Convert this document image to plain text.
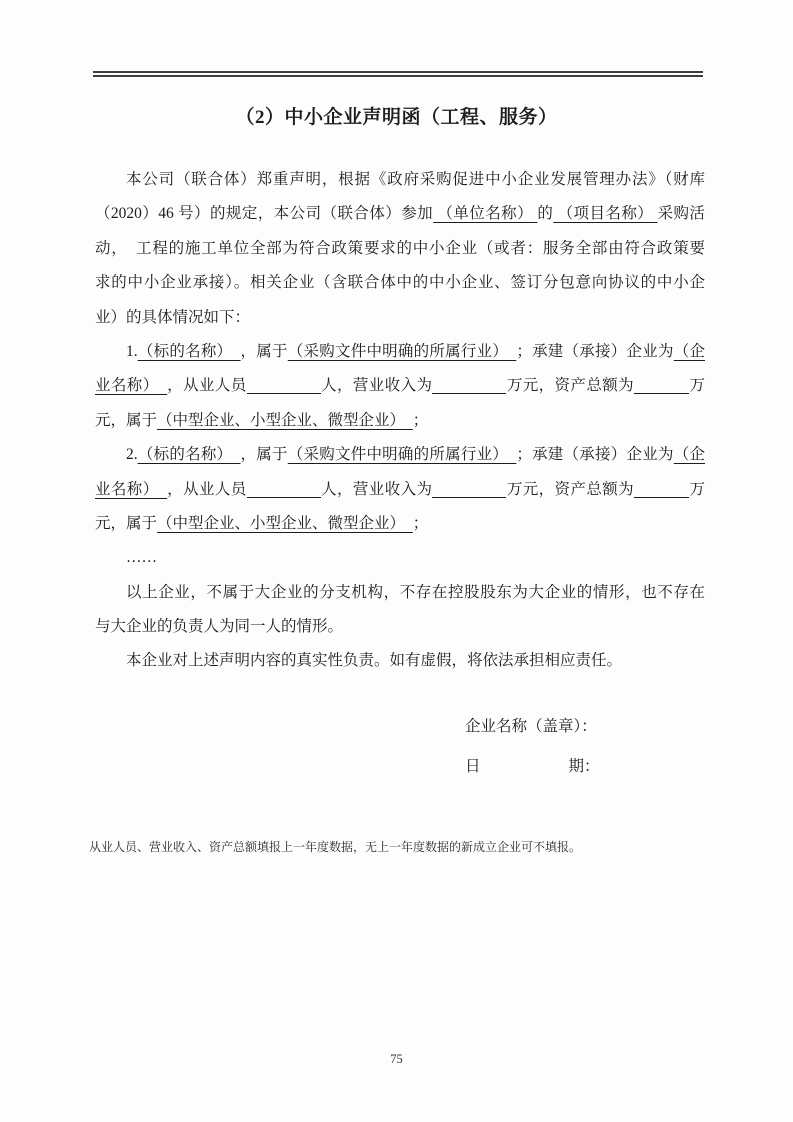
（2）中小企业声明函（工程、服务）
本公司（联合体）郑重声明，根据《政府采购促进中小企业发展管理办法》（财库
（2020）46 号）的规定，本公司（联合体）参加 （单位名称） 的 （项目名称） 采购活
动，　工程的施工单位全部为符合政策要求的中小企业（或者：服务全部由符合政策要
求的中小企业承接）。相关企业（含联合体中的中小企业、签订分包意向协议的中小企
业）的具体情况如下：
1.（标的名称）  ，属于（采购文件中明确的所属行业）  ；承建（承接）企业为（企
业名称）  ，从业人员	人，营业收入为	万元，资产总额为	万
元，属于（中型企业、小型企业、微型企业）  ；
2.（标的名称）  ，属于（采购文件中明确的所属行业）  ；承建（承接）企业为（企
业名称）  ，从业人员	人，营业收入为	万元，资产总额为	万
元，属于（中型企业、小型企业、微型企业）  ；
……
以上企业，不属于大企业的分支机构，不存在控股股东为大企业的情形，也不存在
与大企业的负责人为同一人的情形。
本企业对上述声明内容的真实性负责。如有虚假，将依法承担相应责任。
企业名称（盖章）：
日	期：
从业人员、营业收入、资产总额填报上一年度数据，无上一年度数据的新成立企业可不填报。
75
